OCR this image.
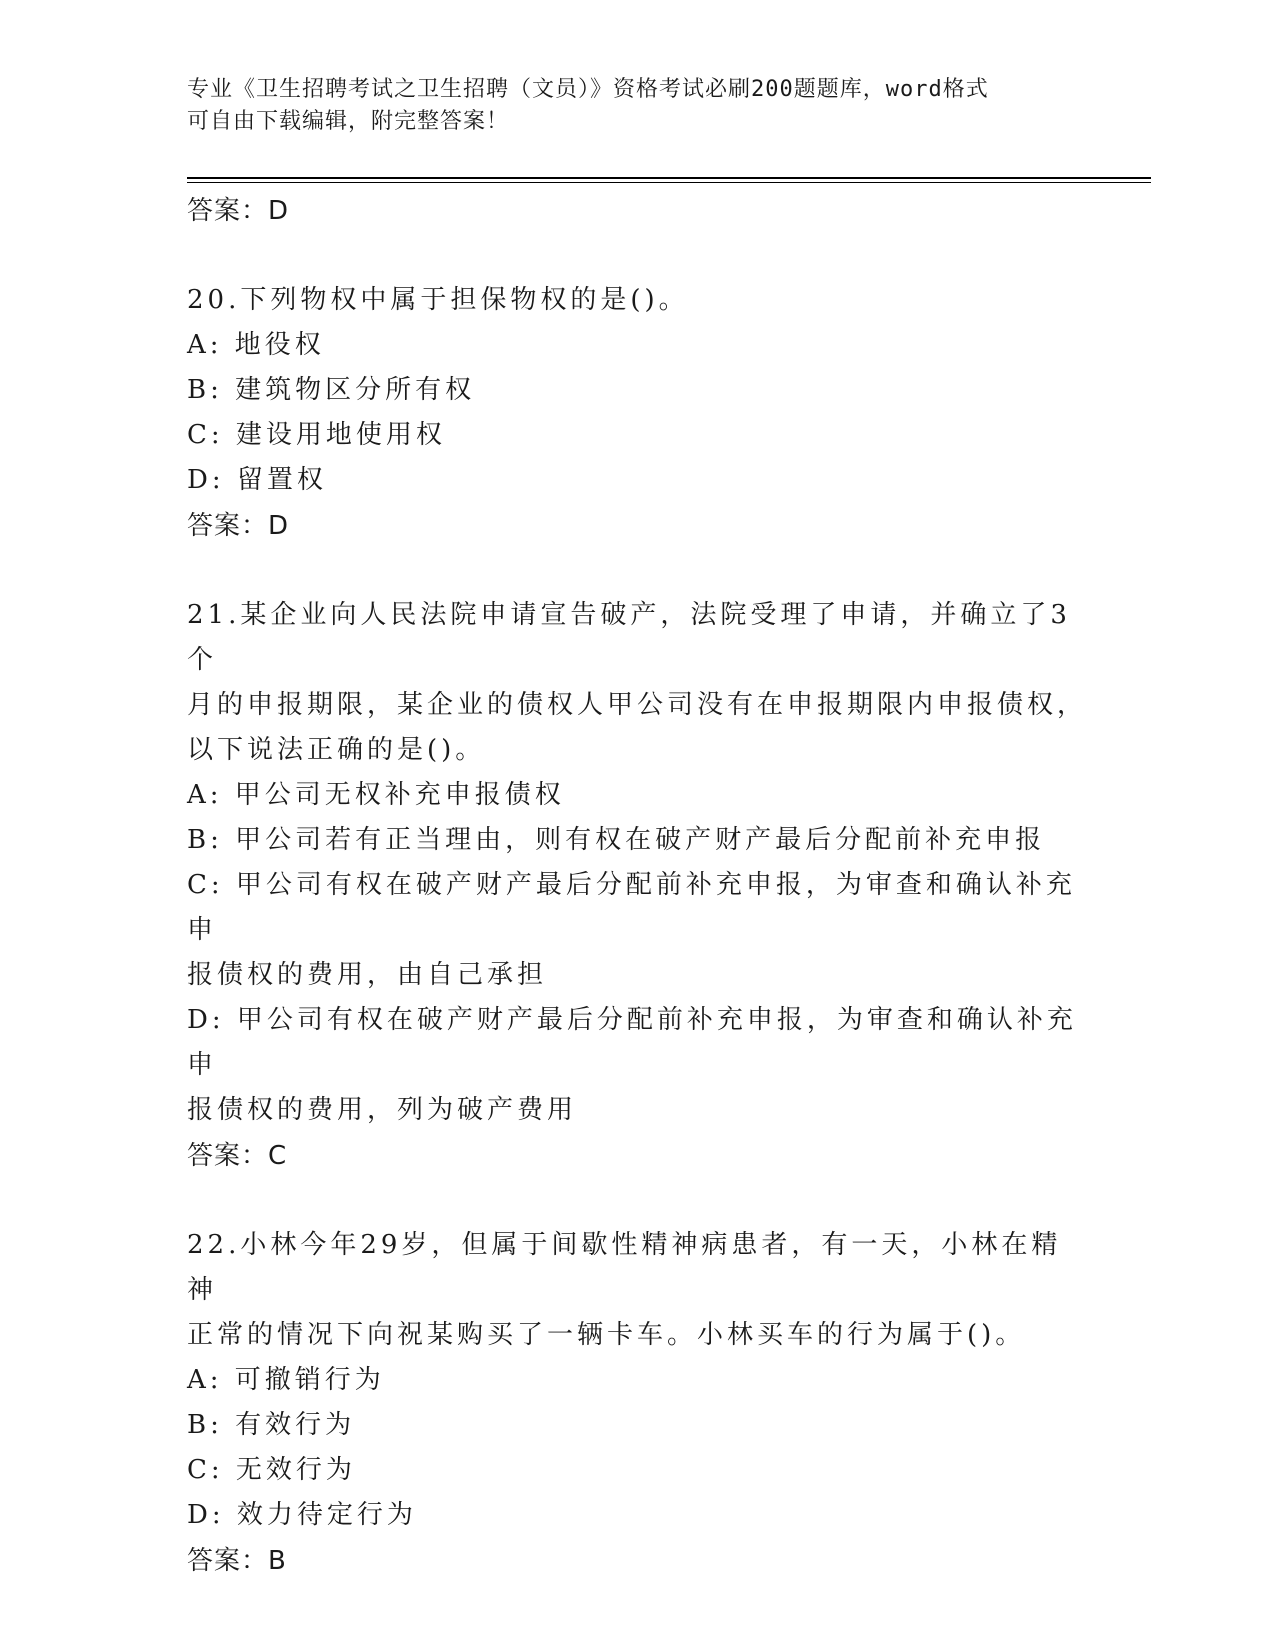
专业《卫生招聘考试之卫生招聘（文员）》资格考试必刷200题题库，word格式
可自由下载编辑，附完整答案！
答案：D
20.下列物权中属于担保物权的是()。
A: 地役权
B: 建筑物区分所有权
C: 建设用地使用权
D: 留置权
答案：D
21.某企业向人民法院申请宣告破产，法院受理了申请，并确立了3个
月的申报期限，某企业的债权人甲公司没有在申报期限内申报债权，
以下说法正确的是()。
A: 甲公司无权补充申报债权
B: 甲公司若有正当理由，则有权在破产财产最后分配前补充申报
C: 甲公司有权在破产财产最后分配前补充申报，为审查和确认补充申
报债权的费用，由自己承担
D: 甲公司有权在破产财产最后分配前补充申报，为审查和确认补充申
报债权的费用，列为破产费用
答案：C
22.小林今年29岁，但属于间歇性精神病患者，有一天，小林在精神
正常的情况下向祝某购买了一辆卡车。小林买车的行为属于()。
A: 可撤销行为
B: 有效行为
C: 无效行为
D: 效力待定行为
答案：B
